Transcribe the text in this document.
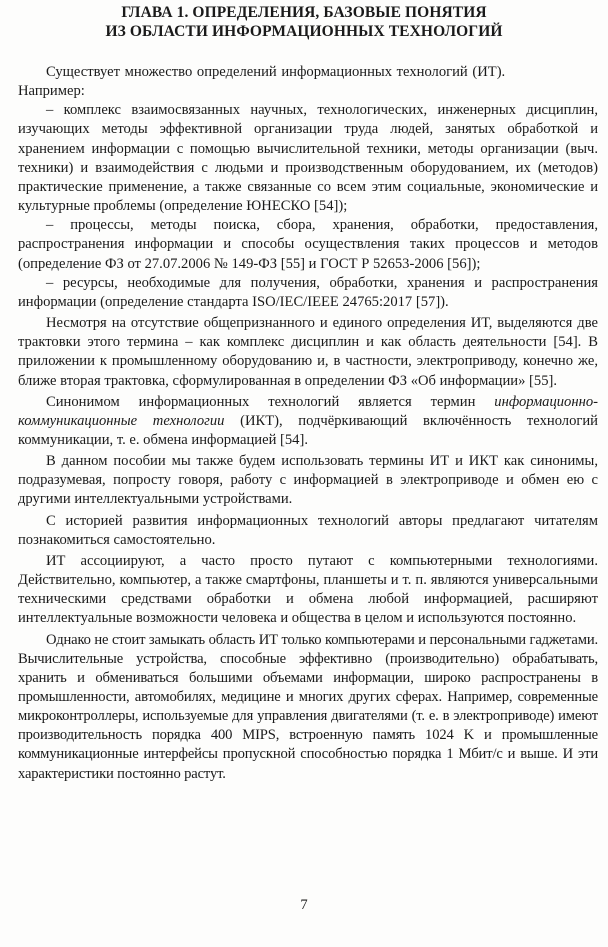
ГЛАВА 1. ОПРЕДЕЛЕНИЯ, БАЗОВЫЕ ПОНЯТИЯ
ИЗ ОБЛАСТИ ИНФОРМАЦИОННЫХ ТЕХНОЛОГИЙ

Существует множество определений информационных технологий (ИТ).

Например:

– комплекс взаимосвязанных научных, технологических, инженерных дисциплин, изучающих методы эффективной организации труда людей, занятых обработкой и хранением информации с помощью вычислительной техники, методы организации (выч. техники) и взаимодействия с людьми и производственным оборудованием, их (методов) практические применение, а также связанные со всем этим социальные, экономические и культурные проблемы (определение ЮНЕСКО [54]);

– процессы, методы поиска, сбора, хранения, обработки, предоставления, распространения информации и способы осуществления таких процессов и методов (определение ФЗ от 27.07.2006 № 149-ФЗ [55] и ГОСТ Р 52653-2006 [56]);

– ресурсы, необходимые для получения, обработки, хранения и распространения информации (определение стандарта ISO/IEC/IEEE 24765:2017 [57]).

Несмотря на отсутствие общепризнанного и единого определения ИТ, выделяются две трактовки этого термина – как комплекс дисциплин и как область деятельности [54]. В приложении к промышленному оборудованию и, в частности, электроприводу, конечно же, ближе вторая трактовка, сформулированная в определении ФЗ «Об информации» [55].

Синонимом информационных технологий является термин информационно-коммуникационные технологии (ИКТ), подчёркивающий включённость технологий коммуникации, т. е. обмена информацией [54].

В данном пособии мы также будем использовать термины ИТ и ИКТ как синонимы, подразумевая, попросту говоря, работу с информацией в электроприводе и обмен ею с другими интеллектуальными устройствами.

С историей развития информационных технологий авторы предлагают читателям познакомиться самостоятельно.

ИТ ассоциируют, а часто просто путают с компьютерными технологиями. Действительно, компьютер, а также смартфоны, планшеты и т. п. являются универсальными техническими средствами обработки и обмена любой информацией, расширяют интеллектуальные возможности человека и общества в целом и используются постоянно.

Однако не стоит замыкать область ИТ только компьютерами и персональными гаджетами. Вычислительные устройства, способные эффективно (производительно) обрабатывать, хранить и обмениваться большими объемами информации, широко распространены в промышленности, автомобилях, медицине и многих других сферах. Например, современные микроконтроллеры, используемые для управления двигателями (т. е. в электроприводе) имеют производительность порядка 400 MIPS, встроенную память 1024 K и промышленные коммуникационные интерфейсы пропускной способностью порядка 1 Мбит/с и выше. И эти характеристики постоянно растут.

7
